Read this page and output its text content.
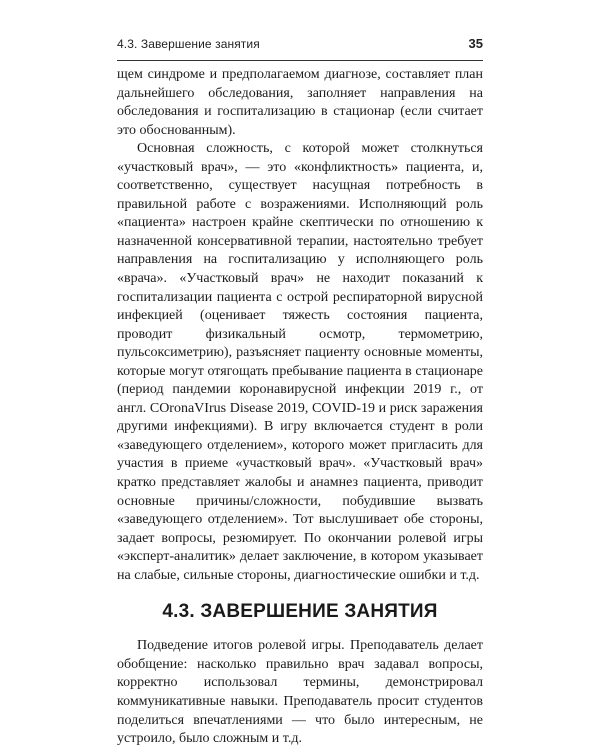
4.3. Завершение занятия	35

щем синдроме и предполагаемом диагнозе, составляет план дальнейшего обследования, заполняет направления на обследования и госпитализацию в стационар (если считает это обоснованным).

Основная сложность, с которой может столкнуться «участковый врач», — это «конфликтность» пациента, и, соответственно, существует насущная потребность в правильной работе с возражениями. Исполняющий роль «пациента» настроен крайне скептически по отношению к назначенной консервативной терапии, настоятельно требует направления на госпитализацию у исполняющего роль «врача». «Участковый врач» не находит показаний к госпитализации пациента с острой респираторной вирусной инфекцией (оценивает тяжесть состояния пациента, проводит физикальный осмотр, термометрию, пульсоксиметрию), разъясняет пациенту основные моменты, которые могут отягощать пребывание пациента в стационаре (период пандемии коронавирусной инфекции 2019 г., от англ. COronaVIrus Disease 2019, COVID-19 и риск заражения другими инфекциями). В игру включается студент в роли «заведующего отделением», которого может пригласить для участия в приеме «участковый врач». «Участковый врач» кратко представляет жалобы и анамнез пациента, приводит основные причины/сложности, побудившие вызвать «заведующего отделением». Тот выслушивает обе стороны, задает вопросы, резюмирует. По окончании ролевой игры «эксперт-аналитик» делает заключение, в котором указывает на слабые, сильные стороны, диагностические ошибки и т.д.

4.3. ЗАВЕРШЕНИЕ ЗАНЯТИЯ

Подведение итогов ролевой игры. Преподаватель делает обобщение: насколько правильно врач задавал вопросы, корректно использовал термины, демонстрировал коммуникативные навыки. Преподаватель просит студентов поделиться впечатлениями — что было интересным, не устроило, было сложным и т.д.
